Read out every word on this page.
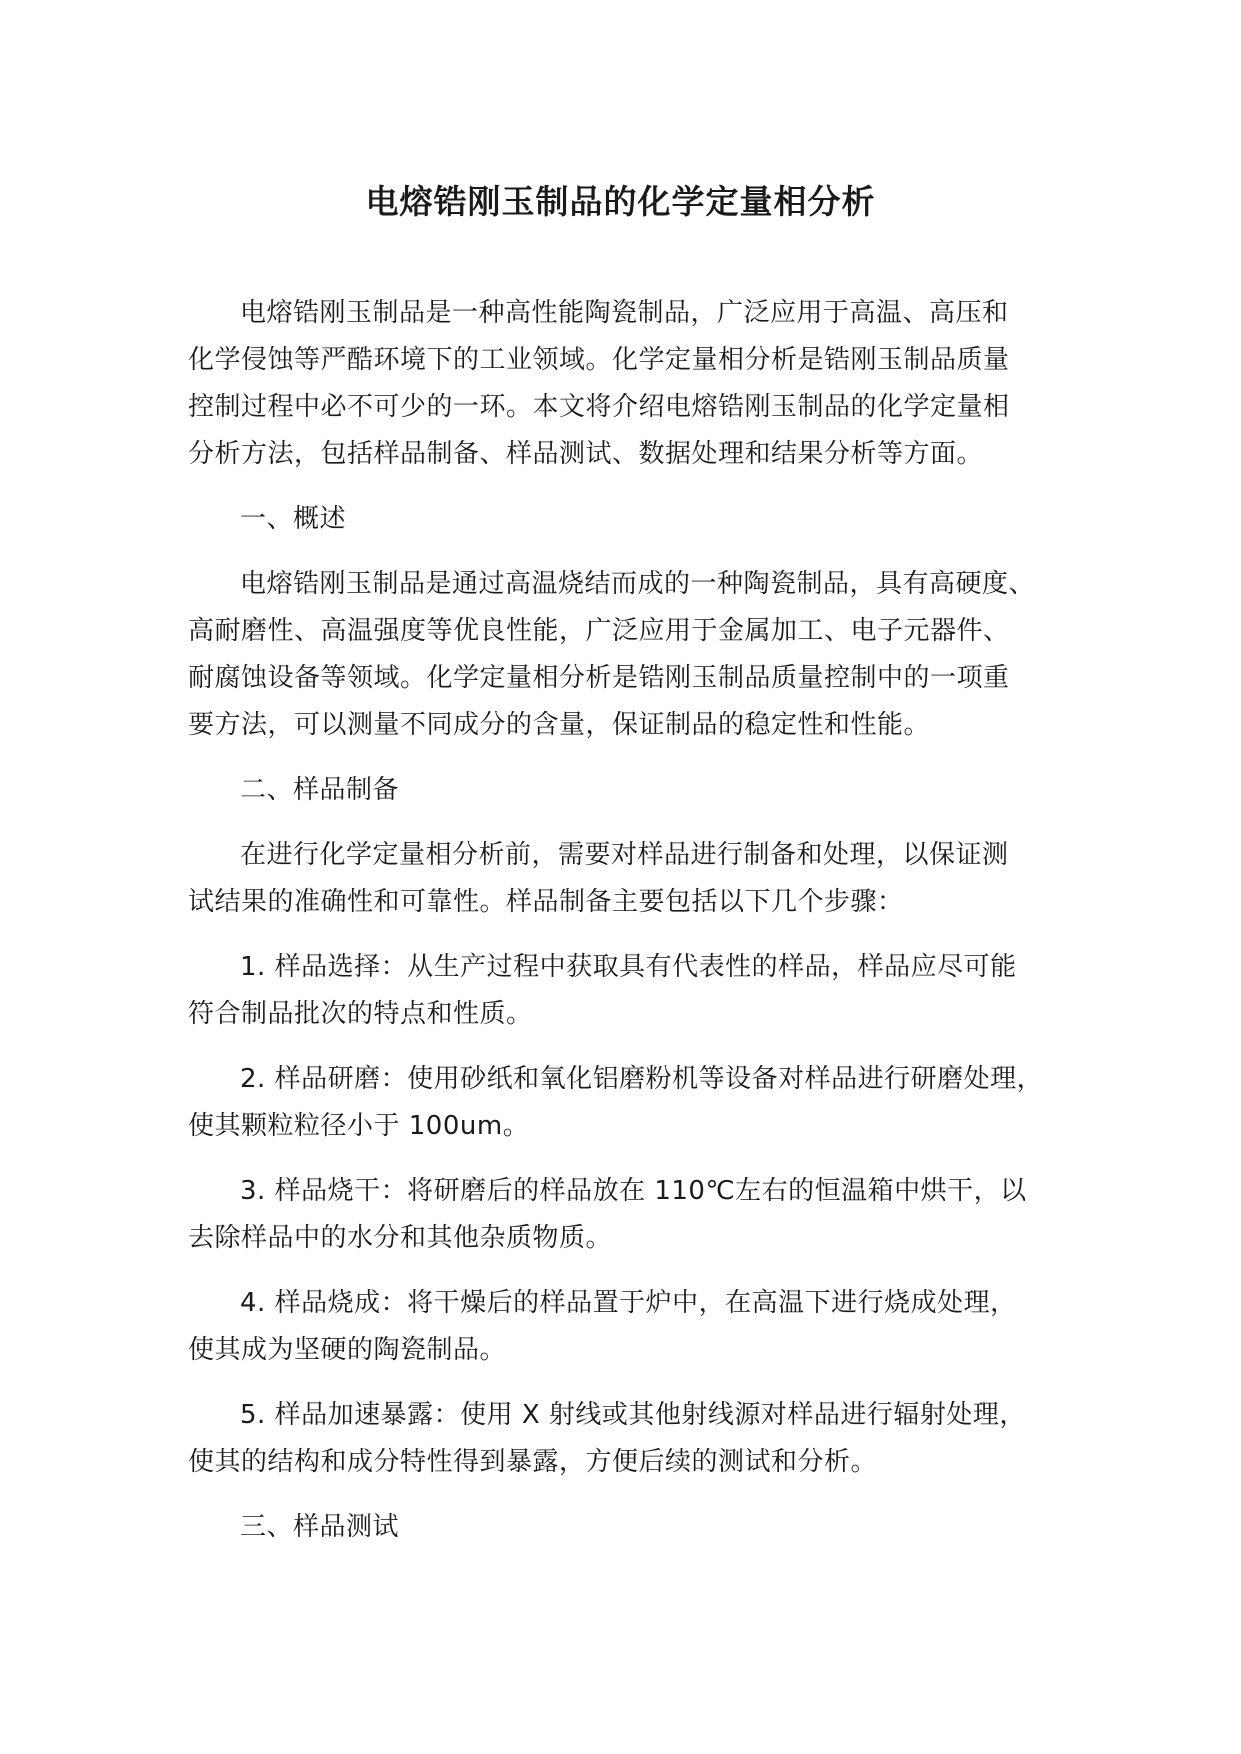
电熔锆刚玉制品的化学定量相分析

电熔锆刚玉制品是一种高性能陶瓷制品，广泛应用于高温、高压和
化学侵蚀等严酷环境下的工业领域。化学定量相分析是锆刚玉制品质量
控制过程中必不可少的一环。本文将介绍电熔锆刚玉制品的化学定量相
分析方法，包括样品制备、样品测试、数据处理和结果分析等方面。

一、概述

电熔锆刚玉制品是通过高温烧结而成的一种陶瓷制品，具有高硬度、
高耐磨性、高温强度等优良性能，广泛应用于金属加工、电子元器件、
耐腐蚀设备等领域。化学定量相分析是锆刚玉制品质量控制中的一项重
要方法，可以测量不同成分的含量，保证制品的稳定性和性能。

二、样品制备

在进行化学定量相分析前，需要对样品进行制备和处理，以保证测
试结果的准确性和可靠性。样品制备主要包括以下几个步骤：

1. 样品选择：从生产过程中获取具有代表性的样品，样品应尽可能
符合制品批次的特点和性质。

2. 样品研磨：使用砂纸和氧化铝磨粉机等设备对样品进行研磨处理，
使其颗粒粒径小于 100um。

3. 样品烧干：将研磨后的样品放在 110℃左右的恒温箱中烘干，以
去除样品中的水分和其他杂质物质。

4. 样品烧成：将干燥后的样品置于炉中，在高温下进行烧成处理，
使其成为坚硬的陶瓷制品。

5. 样品加速暴露：使用 X 射线或其他射线源对样品进行辐射处理，
使其的结构和成分特性得到暴露，方便后续的测试和分析。

三、样品测试
